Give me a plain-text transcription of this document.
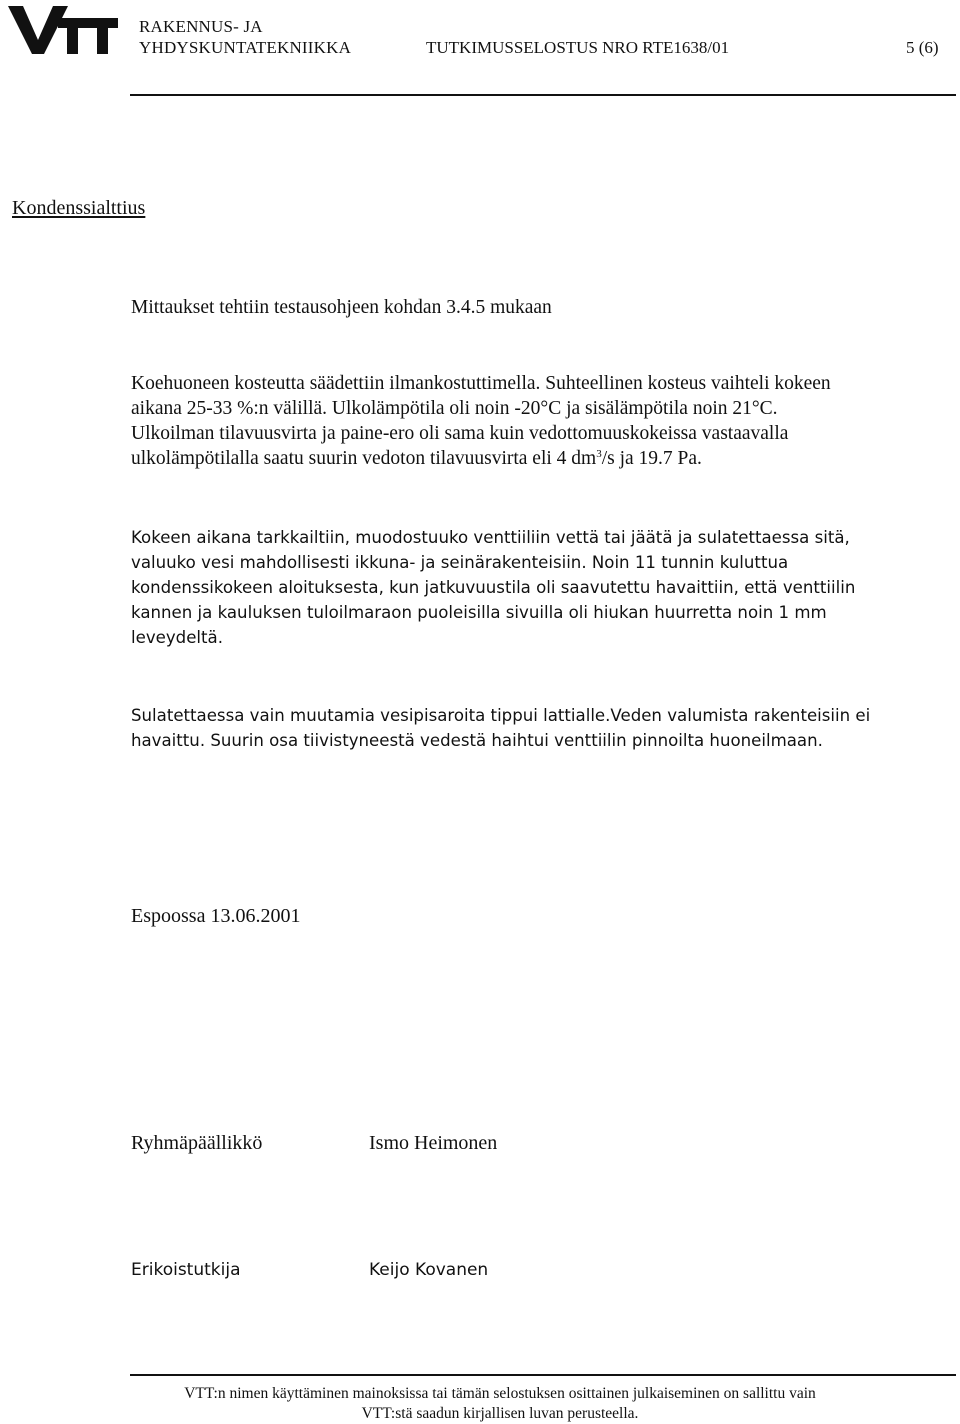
RAKENNUS- JA
YHDYSKUNTATEKNIIKKA	TUTKIMUSSELOSTUS NRO RTE1638/01	5 (6)
Kondenssialttius

Mittaukset tehtiin testausohjeen kohdan 3.4.5 mukaan

Koehuoneen kosteutta säädettiin ilmankostuttimella. Suhteellinen kosteus vaihteli kokeen
aikana 25-33 %:n välillä. Ulkolämpötila oli noin -20°C ja sisälämpötila noin 21°C.
Ulkoilman tilavuusvirta ja paine-ero oli sama kuin vedottomuuskokeissa vastaavalla
ulkolämpötilalla saatu suurin vedoton tilavuusvirta eli 4 $dm^3/s$ ja 19.7 Pa.

Kokeen aikana tarkkailtiin, muodostuuko venttiiliin vettä tai jäätä ja sulatettaessa sitä,
valuuko vesi mahdollisesti ikkuna- ja seinärakenteisiin. Noin 11 tunnin kuluttua
kondenssikokeen aloituksesta, kun jatkuvuustila oli saavutettu havaittiin, että venttiilin
kannen ja kauluksen tuloilmaraon puoleisilla sivuilla oli hiukan huurretta noin 1 mm
leveydeltä.

Sulatettaessa vain muutamia vesipisaroita tippui lattialle.Veden valumista rakenteisiin ei
havaittu. Suurin osa tiivistyneestä vedestä haihtui venttiilin pinnoilta huoneilmaan.

Espoossa 13.06.2001
Ryhmäpäällikkö	Ismo Heimonen
Erikoistutkija	Keijo Kovanen
VTT:n nimen käyttäminen mainoksissa tai tämän selostuksen osittainen julkaiseminen on sallittu vain
VTT:stä saadun kirjallisen luvan perusteella.
